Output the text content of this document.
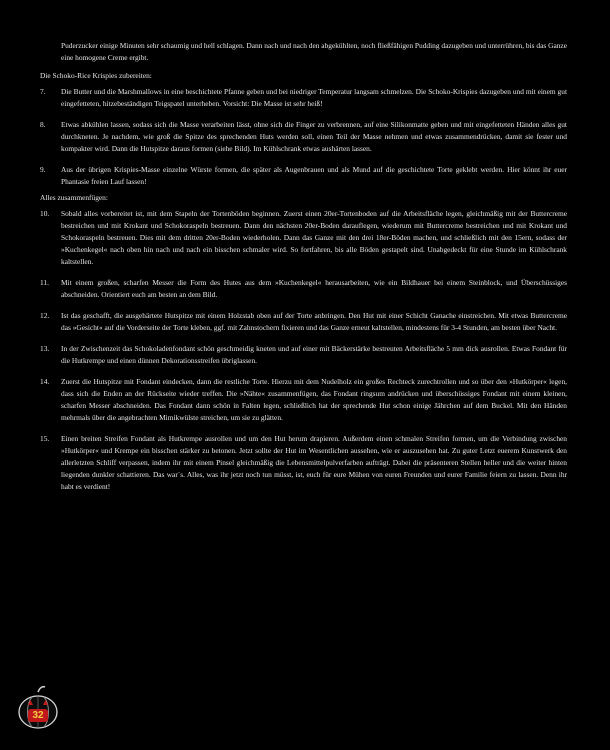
Puderzucker einige Minuten sehr schaumig und hell schlagen. Dann nach und nach den abgekühlten, noch fließfähigen Pudding dazugeben und unterrühren, bis das Ganze eine homogene Creme ergibt.
Die Schoko-Rice Krispies zubereiten:
7.	Die Butter und die Marshmallows in eine beschichtete Pfanne geben und bei niedriger Temperatur langsam schmelzen. Die Schoko-Krispies dazugeben und mit einem gut eingefetteten, hitzebeständigen Teigspatel unterheben. Vorsicht: Die Masse ist sehr heiß!
8.	Etwas abkühlen lassen, sodass sich die Masse verarbeiten lässt, ohne sich die Finger zu verbrennen, auf eine Silikonmatte geben und mit eingefetteten Händen alles gut durchkneten. Je nachdem, wie groß die Spitze des sprechenden Huts werden soll, einen Teil der Masse nehmen und etwas zusammendrücken, damit sie fester und kompakter wird. Dann die Hutspitze daraus formen (siehe Bild). Im Kühlschrank etwas aushärten lassen.
9.	Aus der übrigen Krispies-Masse einzelne Würste formen, die später als Augenbrauen und als Mund auf die geschichtete Torte geklebt werden. Hier könnt ihr euer Phantasie freien Lauf lassen!
Alles zusammenfügen:
10.	Sobald alles vorbereitet ist, mit dem Stapeln der Tortenböden beginnen. Zuerst einen 20er-Tortenboden auf die Arbeitsfläche legen, gleichmäßig mit der Buttercreme bestreichen und mit Krokant und Schokoraspeln bestreuen. Dann den nächsten 20er-Boden darauflegen, wiederum mit Buttercreme bestreichen und mit Krokant und Schokoraspeln bestreuen. Dies mit dem dritten 20er-Boden wiederholen. Dann das Ganze mit den drei 18er-Böden machen, und schließlich mit den 15ern, sodass der »Kuchenkegel« nach oben hin nach und nach ein bisschen schmaler wird. So fortfahren, bis alle Böden gestapelt sind. Unabgedeckt für eine Stunde im Kühlschrank kaltstellen.
11.	Mit einem großen, scharfen Messer die Form des Hutes aus dem »Kuchenkegel« herausarbeiten, wie ein Bildhauer bei einem Steinblock, und Überschüssiges abschneiden. Orientiert euch am besten an dem Bild.
12.	Ist das geschafft, die ausgehärtete Hutspitze mit einem Holzstab oben auf der Torte anbringen. Den Hut mit einer Schicht Ganache einstreichen. Mit etwas Buttercreme das »Gesicht« auf die Vorderseite der Torte kleben, ggf. mit Zahnstochern fixieren und das Ganze erneut kaltstellen, mindestens für 3-4 Stunden, am besten über Nacht.
13.	In der Zwischenzeit das Schokoladenfondant schön geschmeidig kneten und auf einer mit Bäckerstärke bestreuten Arbeitsfläche 5 mm dick ausrollen. Etwas Fondant für die Hutkrempe und einen dünnen Dekorationsstreifen übriglassen.
14.	Zuerst die Hutspitze mit Fondant eindecken, dann die restliche Torte. Hierzu mit dem Nudelholz ein großes Rechteck zurechtrollen und so über den »Hutkörper« legen, dass sich die Enden an der Rückseite wieder treffen. Die »Nähte« zusammenfügen, das Fondant ringsum andrücken und überschüssiges Fondant mit einem kleinen, scharfen Messer abschneiden. Das Fondant dann schön in Falten legen, schließlich hat der sprechende Hut schon einige Jährchen auf dem Buckel. Mit den Händen mehrmals über die angebrachten Mimikwülste streichen, um sie zu glätten.
15.	Einen breiten Streifen Fondant als Hutkrempe ausrollen und um den Hut herum drapieren. Außerdem einen schmalen Streifen formen, um die Verbindung zwischen »Hutkörper« und Krempe ein bisschen stärker zu betonen. Jetzt sollte der Hut im Wesentlichen aussehen, wie er auszusehen hat. Zu guter Letzt euerem Kunstwerk den allerletzten Schliff verpassen, indem ihr mit einem Pinsel gleichmäßig die Lebensmittelpulverfarben aufträgt. Dabei die präsenteren Stellen heller und die weiter hinten liegenden dunkler schattieren. Das war´s. Alles, was ihr jetzt noch tun müsst, ist, euch für eure Mühen von euren Freunden und eurer Familie feiern zu lassen. Denn ihr habt es verdient!
32
